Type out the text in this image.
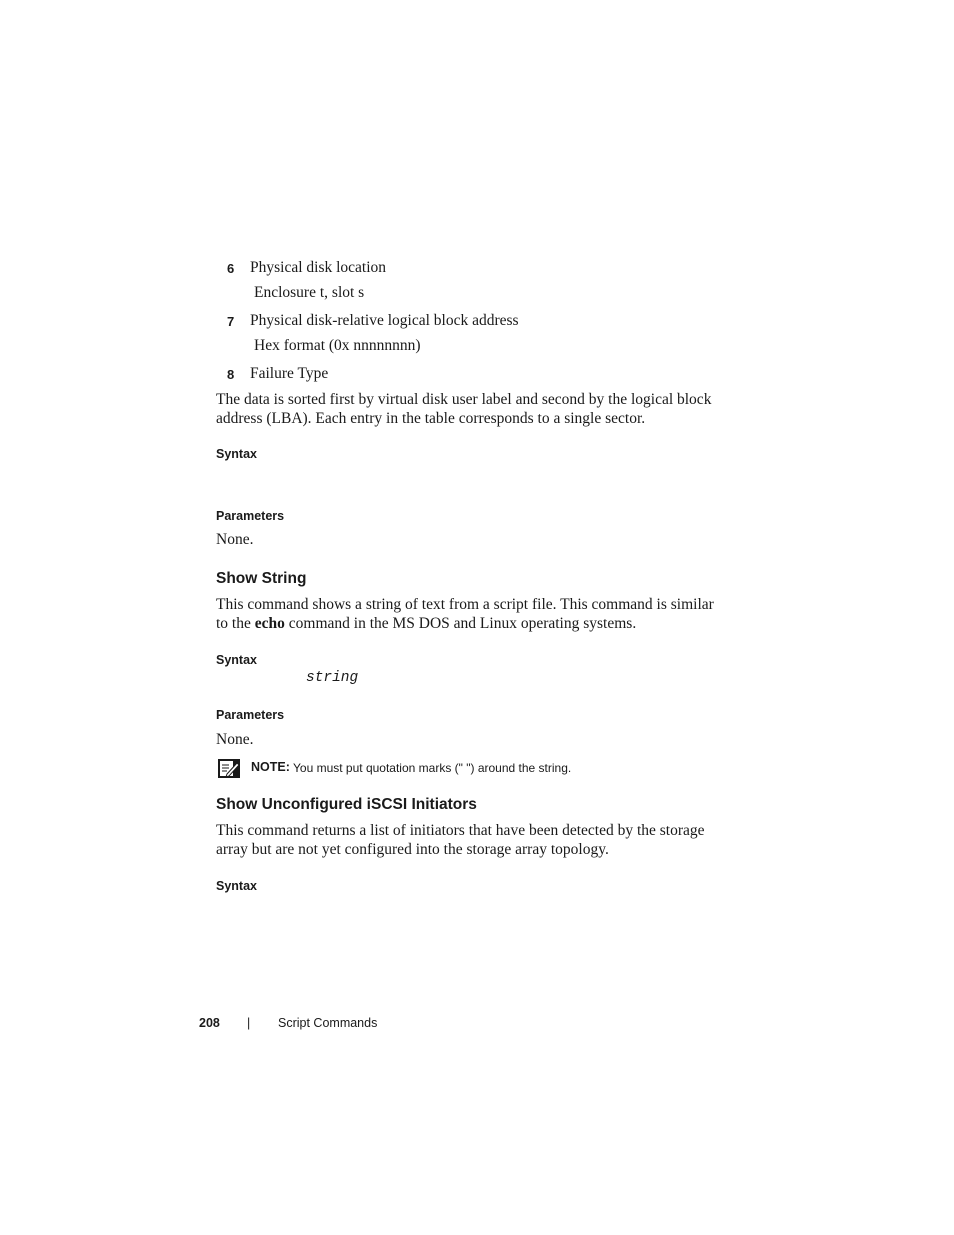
6 Physical disk location
Enclosure t, slot s
7 Physical disk-relative logical block address
Hex format (0x nnnnnnnn)
8 Failure Type
The data is sorted first by virtual disk user label and second by the logical block address (LBA). Each entry in the table corresponds to a single sector.
Syntax
Parameters
None.
Show String
This command shows a string of text from a script file. This command is similar to the echo command in the MS DOS and Linux operating systems.
Syntax
string
Parameters
None.
NOTE: You must put quotation marks (" ") around the string.
Show Unconfigured iSCSI Initiators
This command returns a list of initiators that have been detected by the storage array but are not yet configured into the storage array topology.
Syntax
208 | Script Commands
